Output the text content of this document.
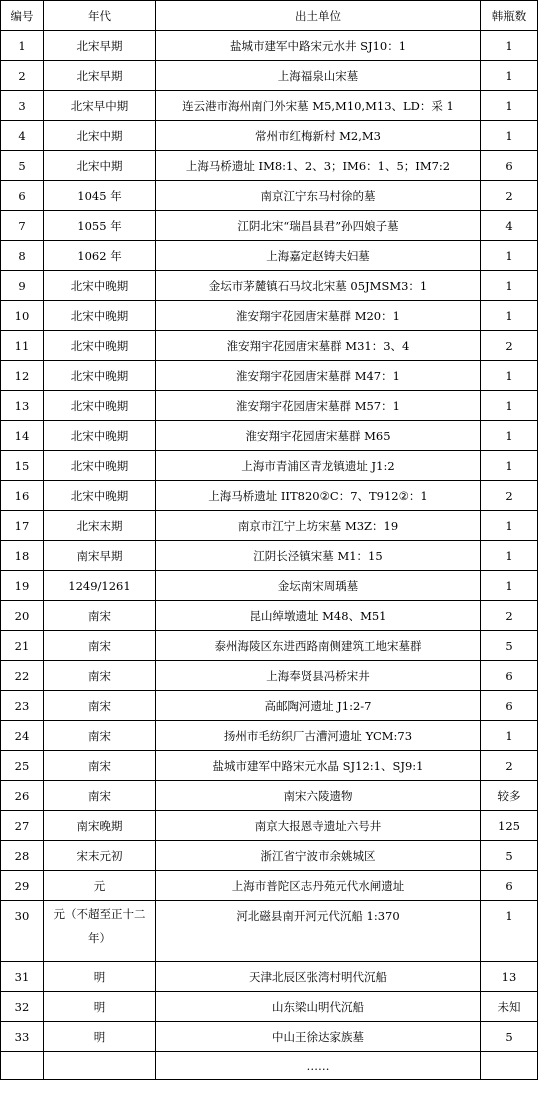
编号	年代	出土单位	韩瓶数
1	北宋早期	盐城市建军中路宋元水井 SJ10：1	1
2	北宋早期	上海福泉山宋墓	1
3	北宋早中期	连云港市海州南门外宋墓 M5,M10,M13、LD：采 1	1
4	北宋中期	常州市红梅新村 M2,M3	1
5	北宋中期	上海马桥遗址 IM8:1、2、3；IM6：1、5；IM7:2	6
6	1045 年	南京江宁东马村徐的墓	2
7	1055 年	江阴北宋“瑞昌县君”孙四娘子墓	4
8	1062 年	上海嘉定赵铸夫妇墓	1
9	北宋中晚期	金坛市茅麓镇石马坟北宋墓 05JMSM3：1	1
10	北宋中晚期	淮安翔宇花园唐宋墓群 M20：1	1
11	北宋中晚期	淮安翔宇花园唐宋墓群 M31：3、4	2
12	北宋中晚期	淮安翔宇花园唐宋墓群 M47：1	1
13	北宋中晚期	淮安翔宇花园唐宋墓群 M57：1	1
14	北宋中晚期	淮安翔宇花园唐宋墓群 M65	1
15	北宋中晚期	上海市青浦区青龙镇遗址 J1:2	1
16	北宋中晚期	上海马桥遗址 IIT820②C：7、T912②：1	2
17	北宋末期	南京市江宁上坊宋墓 M3Z：19	1
18	南宋早期	江阴长泾镇宋墓 M1：15	1
19	1249/1261	金坛南宋周瑀墓	1
20	南宋	昆山绰墩遗址 M48、M51	2
21	南宋	泰州海陵区东进西路南侧建筑工地宋墓群	5
22	南宋	上海奉贤县冯桥宋井	6
23	南宋	高邮陶河遗址 J1:2-7	6
24	南宋	扬州市毛纺织厂古漕河遗址 YCM:73	1
25	南宋	盐城市建军中路宋元水晶 SJ12:1、SJ9:1	2
26	南宋	南宋六陵遗物	较多
27	南宋晚期	南京大报恩寺遗址六号井	125
28	宋末元初	浙江省宁波市余姚城区	5
29	元	上海市普陀区志丹苑元代水闸遗址	6
30	元（不超至正十二年）	河北磁县南开河元代沉船 1:370	1
31	明	天津北辰区张湾村明代沉船	13
32	明	山东梁山明代沉船	未知
33	明	中山王徐达家族墓	5
		……	
